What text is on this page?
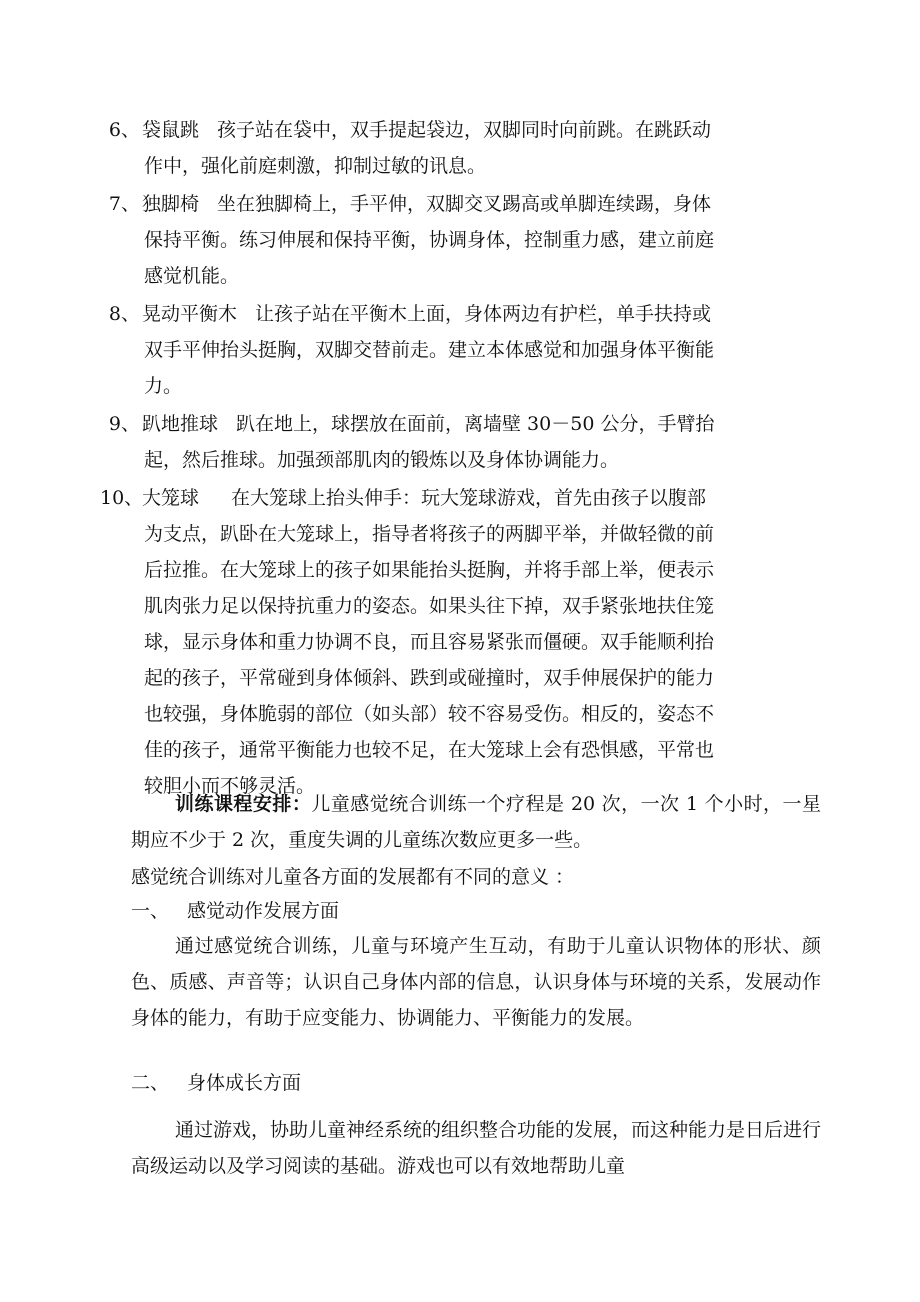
6、 袋鼠跳 孩子站在袋中，双手提起袋边，双脚同时向前跳。在跳跃动
作中，强化前庭刺激，抑制过敏的讯息。
7、 独脚椅 坐在独脚椅上，手平伸，双脚交叉踢高或单脚连续踢，身体
保持平衡。练习伸展和保持平衡，协调身体，控制重力感，建立前庭
感觉机能。
8、 晃动平衡木 让孩子站在平衡木上面，身体两边有护栏，单手扶持或
双手平伸抬头挺胸，双脚交替前走。建立本体感觉和加强身体平衡能
力。
9、 趴地推球 趴在地上，球摆放在面前，离墙壁 30－50 公分，手臂抬
起，然后推球。加强颈部肌肉的锻炼以及身体协调能力。
10、大笼球 在大笼球上抬头伸手：玩大笼球游戏，首先由孩子以腹部
为支点，趴卧在大笼球上，指导者将孩子的两脚平举，并做轻微的前
后拉推。在大笼球上的孩子如果能抬头挺胸，并将手部上举，便表示
肌肉张力足以保持抗重力的姿态。如果头往下掉，双手紧张地扶住笼
球，显示身体和重力协调不良，而且容易紧张而僵硬。双手能顺利抬
起的孩子，平常碰到身体倾斜、跌到或碰撞时，双手伸展保护的能力
也较强，身体脆弱的部位（如头部）较不容易受伤。相反的，姿态不
佳的孩子，通常平衡能力也较不足，在大笼球上会有恐惧感，平常也
较胆小而不够灵活。
训练课程安排：儿童感觉统合训练一个疗程是 20 次，一次 1 个小时，一星期应不少于 2 次，重度失调的儿童练次数应更多一些。
感觉统合训练对儿童各方面的发展都有不同的意义 ：
一、 感觉动作发展方面
通过感觉统合训练，儿童与环境产生互动，有助于儿童认识物体的形状、颜色、质感、声音等；认识自己身体内部的信息，认识身体与环境的关系，发展动作身体的能力，有助于应变能力、协调能力、平衡能力的发展。
二、 身体成长方面
通过游戏，协助儿童神经系统的组织整合功能的发展，而这种能力是日后进行高级运动以及学习阅读的基础。游戏也可以有效地帮助儿童
